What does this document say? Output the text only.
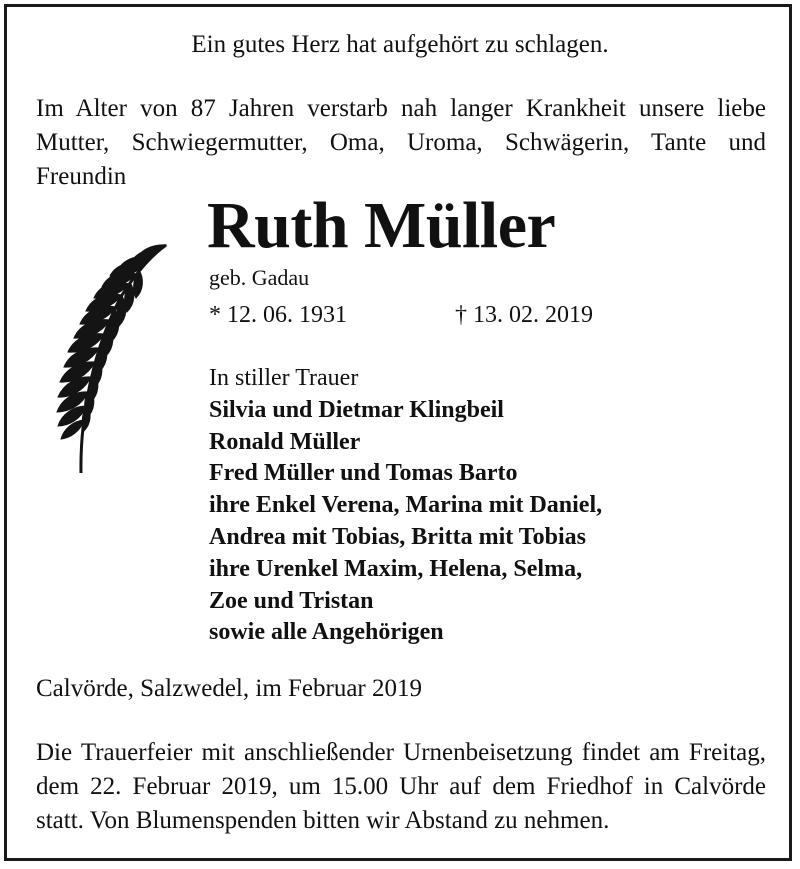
Ein gutes Herz hat aufgehört zu schlagen.
Im Alter von 87 Jahren verstarb nah langer Krankheit unsere liebe Mutter, Schwiegermutter, Oma, Uroma, Schwägerin, Tante und Freundin
Ruth Müller
geb. Gadau
* 12. 06. 1931	† 13. 02. 2019
In stiller Trauer
Silvia und Dietmar Klingbeil
Ronald Müller
Fred Müller und Tomas Barto
ihre Enkel Verena, Marina mit Daniel,
Andrea mit Tobias, Britta mit Tobias
ihre Urenkel Maxim, Helena, Selma,
Zoe und Tristan
sowie alle Angehörigen
Calvörde, Salzwedel, im Februar 2019
Die Trauerfeier mit anschließender Urnenbeisetzung findet am Freitag, dem 22. Februar 2019, um 15.00 Uhr auf dem Friedhof in Calvörde statt. Von Blumenspenden bitten wir Abstand zu nehmen.
